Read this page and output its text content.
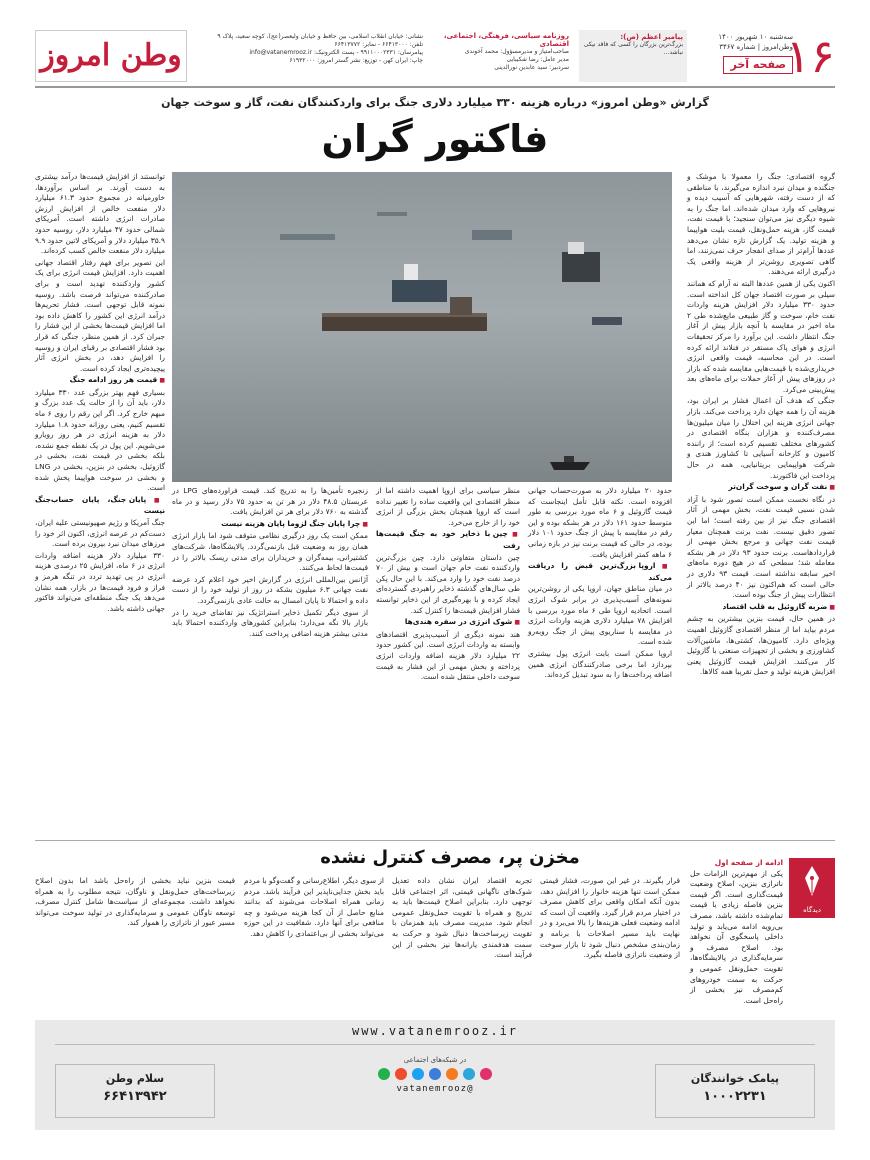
۱۶
سه‌شنبه ۱۰ شهریور ۱۴۰۰
وطن‌امروز | شماره ۳۴۶۷
صفحه آخر
پیامبر اعظم (ص):
بزرگ‌ترین بزرگان را کسی که فاقد نیکی نباشد...
روزنامه سیاسی، فرهنگی، اجتماعی، اقتصادی
صاحب‌امتیاز و مدیرمسؤول: محمد آخوندی
مدیر عامل: رضا شکیبایی
سردبیر: سید عابدین نورالدینی
نشانی: خیابان انقلاب اسلامی، بین حافظ و خیابان ولیعصر(عج)، کوچه سعید، پلاک ۹
تلفن: ۶۶۴۱۳۰۰۰ - نمابر: ۶۶۴۱۳۷۷۲
پیامرسان: ۹۹۱۱۰۰۰۲۳۳۱ - پست الکترونیک: info@vatanemrooz.ir
چاپ: ایران کهن - توزیع: نشر گستر امروز: ۶۱۹۳۲۰۰۰
وطن امروز
گزارش «وطن امروز» درباره هزینه ۳۳۰ میلیارد دلاری جنگ برای واردکنندگان نفت، گاز و سوخت جهان
فاکتور گران

گروه اقتصادی: جنگ را معمولا با موشک و جنگنده و میدان نبرد اندازه می‌گیرند، با مناطقی که از دست رفته، شهرهایی که آسیب دیده و نیروهایی که وارد میدان شده‌اند. اما جنگ را به شیوه دیگری نیز می‌توان سنجید؛ با قیمت نفت، قیمت گاز، هزینه حمل‌ونقل، قیمت بلیت هواپیما و هزینه تولید. یک گزارش تازه نشان می‌دهد عددها آرام‌تر از صدای انفجار حرف نمی‌زنند، اما گاهی تصویری روشن‌تر از هزینه واقعی یک درگیری ارائه می‌دهند.

اکنون یکی از همین عددها البته نه آرام که همانند سیلی بر صورت اقتصاد جهان کل انداخته است. حدود ۳۳۰ میلیارد دلار افزایش هزینه واردات نفت خام، سوخت و گاز طبیعی مایع‌شده طی ۲ ماه اخیر در مقایسه با آنچه بازار پیش از آغاز جنگ انتظار داشت. این برآورد را مرکز تحقیقات انرژی و هوای پاک مستقر در فنلاند ارائه کرده است. در این محاسبه، قیمت واقعی انرژی خریداری‌شده با قیمت‌هایی مقایسه شده که بازار در روزهای پیش از آغاز حملات برای ماه‌های بعد پیش‌بینی می‌کرد.

جنگی که هدف آن اعمال فشار بر ایران بود، هزینه آن را همه جهان دارد پرداخت می‌کند. بازار جهانی انرژی هزینه این اختلال را میان میلیون‌ها مصرف‌کننده و هزاران بنگاه اقتصادی در کشورهای مختلف تقسیم کرده است؛ از راننده کامیون و کارخانه آسیایی تا کشاورز هندی و شرکت هواپیمایی بریتانیایی، همه در حال پرداخت این فاکتورند.

■ نفت گران و سوخت گران‌تر

در نگاه نخست ممکن است تصور شود با آزاد شدن نسبی قیمت نفت، بخش مهمی از آثار اقتصادی جنگ نیز از بین رفته است؛ اما این تصور دقیق نیست. نفت برنت همچنان معیار قیمت نفت جهانی و مرجع بخش مهمی از قراردادهاست. برنت حدود ۹۳ دلار در هر بشکه معامله شد؛ سطحی که در هیچ دوره ماه‌های اخیر سابقه نداشته است. قیمت ۹۳ دلاری در حالی است که هم‌اکنون نیز ۴۰ درصد بالاتر از انتظارات پیش از جنگ بوده است.

■ ضربه گازوئیل به قلب اقتصاد

در همین حال، قیمت بنزین بیشترین به چشم مردم بیاید اما از منظر اقتصادی گازوئیل اهمیت ویژه‌ای دارد. کامیون‌ها، کشتی‌ها، ماشین‌آلات کشاورزی و بخشی از تجهیزات صنعتی با گازوئیل کار می‌کنند. افزایش قیمت گازوئیل یعنی افزایش هزینه تولید و حمل تقریبا همه کالاها.

توانستند از افزایش قیمت‌ها درآمد بیشتری به دست آورند. بر اساس برآوردها، خاورمیانه در مجموع حدود ۶۱.۳ میلیارد دلار منفعت خالص از افزایش ارزش صادرات انرژی داشته است. آمریکای شمالی حدود ۴۷ میلیارد دلار، روسیه حدود ۳۵.۹ میلیارد دلار و آمریکای لاتین حدود ۹.۹ میلیارد دلار منفعت خالص کسب کرده‌اند.

این تصویر برای فهم رفتار اقتصاد جهانی اهمیت دارد. افزایش قیمت انرژی برای یک کشور واردکننده تهدید است و برای صادرکننده می‌تواند فرصت باشد. روسیه نمونه قابل توجهی است. فشار تحریم‌ها درآمد انرژی این کشور را کاهش داده بود اما افزایش قیمت‌ها بخشی از این فشار را جبران کرد. از همین منظر، جنگی که قرار بود فشار اقتصادی بر رقبای ایران و روسیه را افزایش دهد، در بخش انرژی آثار پیچیده‌تری ایجاد کرده است.

■ قیمت هر روز ادامه جنگ

بسیاری فهم بهتر بزرگی عدد ۳۳۰ میلیارد دلار، باید آن را از حالت یک عدد بزرگ و مبهم خارج کرد. اگر این رقم را روی ۶ ماه تقسیم کنیم، یعنی روزانه حدود ۱.۸ میلیارد دلار به هزینه انرژی در هر روز رویارو می‌شویم. این پول در یک نقطه جمع نشده، بلکه بخشی در قیمت نفت، بخشی در گازوئیل، بخشی در بنزین، بخشی در LNG و بخشی در سوخت هواپیما پخش شده است.

■ پایان جنگ، پایان حساب‌جنگ نیست

جنگ آمریکا و رژیم صهیونیستی علیه ایران، دست‌کم در عرصه انرژی، اکنون اثر خود را مرزهای میدان نبرد بیرون برده است.

۳۳۰ میلیارد دلار هزینه اضافه واردات انرژی در ۶ ماه، افزایش ۲۵ درصدی هزینه انرژی در پی تهدید تردد در تنگه هرمز و فراز و فرود قیمت‌ها در بازار، همه نشان می‌دهد یک جنگ منطقه‌ای می‌تواند فاکتور جهانی داشته باشد.

حدود ۲۰ میلیارد دلار به صورت‌حساب جهانی افزوده است. نکته قابل تأمل اینجاست که قیمت گازوئیل و ۶ ماه مورد بررسی به طور متوسط حدود ۱۶۱ دلار در هر بشکه بوده و این رقم در مقایسه با پیش از جنگ حدود ۱۰۱ دلار بوده، در حالی که قیمت برنت نیز در بازه زمانی ۶ ماهه کمتر افزایش یافت.

■ اروپا بزرگ‌ترین قبض را دریافت می‌کند

در میان مناطق جهان، اروپا یکی از روشن‌ترین نمونه‌های آسیب‌پذیری در برابر شوک انرژی است. اتحادیه اروپا طی ۶ ماه مورد بررسی با افزایش ۷۸ میلیارد دلاری هزینه واردات انرژی در مقایسه با سناریوی پیش از جنگ روبه‌رو شده است.

اروپا ممکن است بابت انرژی پول بیشتری بپردازد اما برخی صادرکنندگان انرژی همین اضافه پرداخت‌ها را به سود تبدیل کرده‌اند.

منظر سیاسی برای اروپا اهمیت داشته اما از منظر اقتصادی این واقعیت ساده را تغییر نداده است که اروپا همچنان بخش بزرگی از انرژی خود را از خارج می‌خرد.

■ چین با ذخایر خود به جنگ قیمت‌ها رفت

چین داستان متفاوتی دارد. چین بزرگ‌ترین واردکننده نفت خام جهان است و بیش از ۷۰ درصد نفت خود را وارد می‌کند. با این حال پکن طی سال‌های گذشته ذخایر راهبردی گسترده‌ای ایجاد کرده و با بهره‌گیری از این ذخایر توانسته فشار افزایش قیمت‌ها را کنترل کند.

■ شوک انرژی در سفره هندی‌ها

هند نمونه دیگری از آسیب‌پذیری اقتصادهای وابسته به واردات انرژی است. این کشور حدود ۲۲ میلیارد دلار هزینه اضافه واردات انرژی پرداخته و بخش مهمی از این فشار به قیمت سوخت داخلی منتقل شده است.

زنجیره تأمین‌ها را به تدریج کند. قیمت فراورده‌های LPG در عربستان ۴۸.۵ دلار در هر تن به حدود ۷۵ دلار رسید و در ماه گذشته به ۷۶۰ دلار برای هر تن افزایش یافت.

■ چرا پایان جنگ لزوما پایان هزینه نیست

ممکن است یک روز درگیری نظامی متوقف شود اما بازار انرژی همان روز به وضعیت قبل بازنمی‌گردد. پالایشگاه‌ها، شرکت‌های کشتیرانی، بیمه‌گران و خریداران برای مدتی ریسک بالاتر را در قیمت‌ها لحاظ می‌کنند.

آژانس بین‌المللی انرژی در گزارش اخیر خود اعلام کرد عرضه نفت جهانی ۶.۳ میلیون بشکه در روز از تولید خود را از دست داده و احتمالا تا پایان امسال به حالت عادی بازنمی‌گردد.

از سوی دیگر تکمیل ذخایر استراتژیک نیز تقاضای خرید را در بازار بالا نگه می‌دارد؛ بنابراین کشورهای واردکننده احتمالا باید مدتی بیشتر هزینه اضافی پرداخت کنند.

مخزن پر، مصرف کنترل نشده
دیدگاه
ادامه از صفحه اول
یکی از مهم‌ترین الزامات حل ناترازی بنزین، اصلاح وضعیت قیمت‌گذاری است. اگر قیمت بنزین فاصله زیادی با قیمت تمام‌شده داشته باشد، مصرف بی‌رویه ادامه می‌یابد و تولید داخلی پاسخگوی آن نخواهد بود. اصلاح مصرف و سرمایه‌گذاری در پالایشگاه‌ها، تقویت حمل‌ونقل عمومی و حرکت به سمت خودروهای کم‌مصرف نیز بخشی از راه‌حل است.
قرار بگیرند. در غیر این صورت، فشار قیمتی ممکن است تنها هزینه خانوار را افزایش دهد، بدون آنکه امکان واقعی برای کاهش مصرف در اختیار مردم قرار گیرد. واقعیت آن است که ادامه وضعیت فعلی هزینه‌ها را بالا می‌برد و در نهایت باید مسیر اصلاحات با برنامه و زمان‌بندی مشخص دنبال شود تا بازار سوخت از وضعیت ناترازی فاصله بگیرد.
تجربه اقتصاد ایران نشان داده تعدیل شوک‌های ناگهانی قیمتی، اثر اجتماعی قابل توجهی دارد. بنابراین اصلاح قیمت‌ها باید به تدریج و همراه با تقویت حمل‌ونقل عمومی انجام شود. مدیریت مصرف باید همزمان با تقویت زیرساخت‌ها دنبال شود و حرکت به سمت هدفمندی یارانه‌ها نیز بخشی از این فرآیند است.
از سوی دیگر، اطلاع‌رسانی و گفت‌وگو با مردم باید بخش جدایی‌ناپذیر این فرآیند باشد. مردم زمانی همراه اصلاحات می‌شوند که بدانند منابع حاصل از آن کجا هزینه می‌شود و چه منافعی برای آنها دارد. شفافیت در این حوزه می‌تواند بخشی از بی‌اعتمادی را کاهش دهد.
قیمت بنزین نباید بخشی از راه‌حل باشد اما بدون اصلاح زیرساخت‌های حمل‌ونقل و ناوگان، نتیجه مطلوب را به همراه نخواهد داشت. مجموعه‌ای از سیاست‌ها شامل کنترل مصرف، توسعه ناوگان عمومی و سرمایه‌گذاری در تولید سوخت می‌تواند مسیر عبور از ناترازی را هموار کند.
www.vatanemrooz.ir
پیامک خوانندگان
۱۰۰۰۲۲۳۱
در شبکه‌های اجتماعی
@vatanemrooz
سلام وطن
۶۶۴۱۳۹۴۲
